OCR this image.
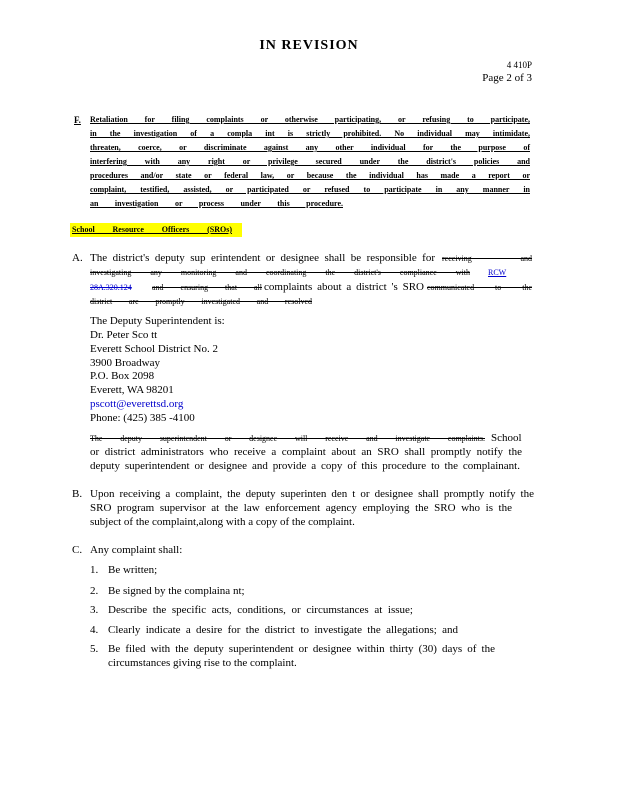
IN REVISION
4 410P
Page 2 of 3
F. Retaliation for filing complaints or otherwise participating, or refusing to participate,
in the investigation of a compla int is strictly prohibited. No individual may intimidate,
threaten, coerce, or discriminate against any other individual for the purpose of
interfering with any right or privilege secured under the district's policies and
procedures and/or state or federal law, or because the individual has made a report or
complaint, testified, assisted, or participated or refused to participate in any manner in
an investigation or process under this procedure.
School Resource Officers (SROs)
A. The district's deputy sup erintendent or designee shall be responsible for receiving and
investigating any monitoring and coordinating the district's compliance with RCW
28A.320.124	and ensuring that all complaints about a district 's SRO communicated to the
district are promptly investigated and resolved
The Deputy Superintendent is:
Dr. Peter Sco tt
Everett School District No. 2
3900 Broadway
P.O. Box 2098
Everett, WA 98201
pscott@everettsd.org
Phone: (425) 385 -4100
The deputy superintendent or designee will receive and investigate complaints. School
or district administrators who receive a complaint about an SRO shall promptly notify the
deputy superintendent or designee and provide a copy of this procedure to the complainant.
B. Upon receiving a complaint, the deputy superinten den t or designee shall promptly notify the
SRO program supervisor at the law enforcement agency employing the SRO who is the
subject of the complaint,along with a copy of the complaint.
C. Any complaint shall:
1. Be written;
2. Be signed by the complaina nt;
3. Describe the specific acts, conditions, or circumstances at issue;
4. Clearly indicate a desire for the district to investigate the allegations; and
5. Be filed with the deputy superintendent or designee within thirty (30) days of the
circumstances giving rise to the complaint.
